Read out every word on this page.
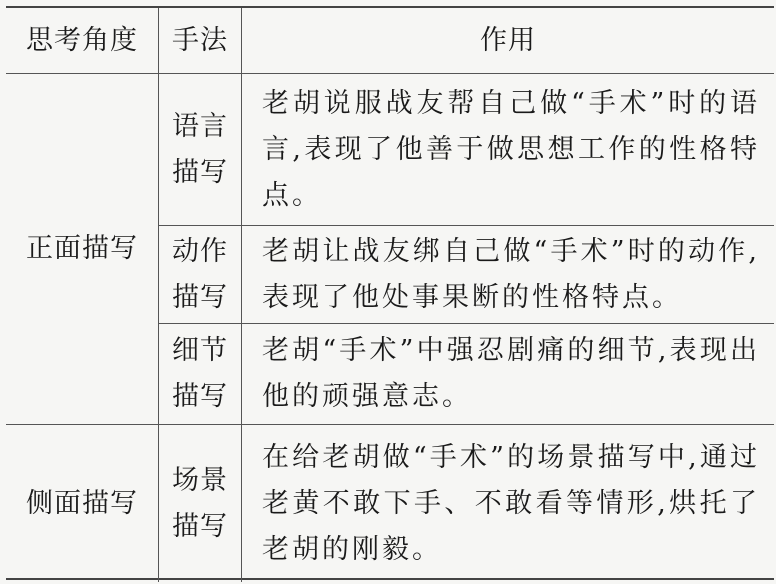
思考角度	手法	作用
正面描写
语言描写
老胡说服战友帮自己做“手术”时的语言,表现了他善于做思想工作的性格特点。
动作描写
老胡让战友绑自己做“手术”时的动作,表现了他处事果断的性格特点。
细节描写
老胡“手术”中强忍剧痛的细节,表现出他的顽强意志。
侧面描写
场景描写
在给老胡做“手术”的场景描写中,通过老黄不敢下手、不敢看等情形,烘托了老胡的刚毅。
